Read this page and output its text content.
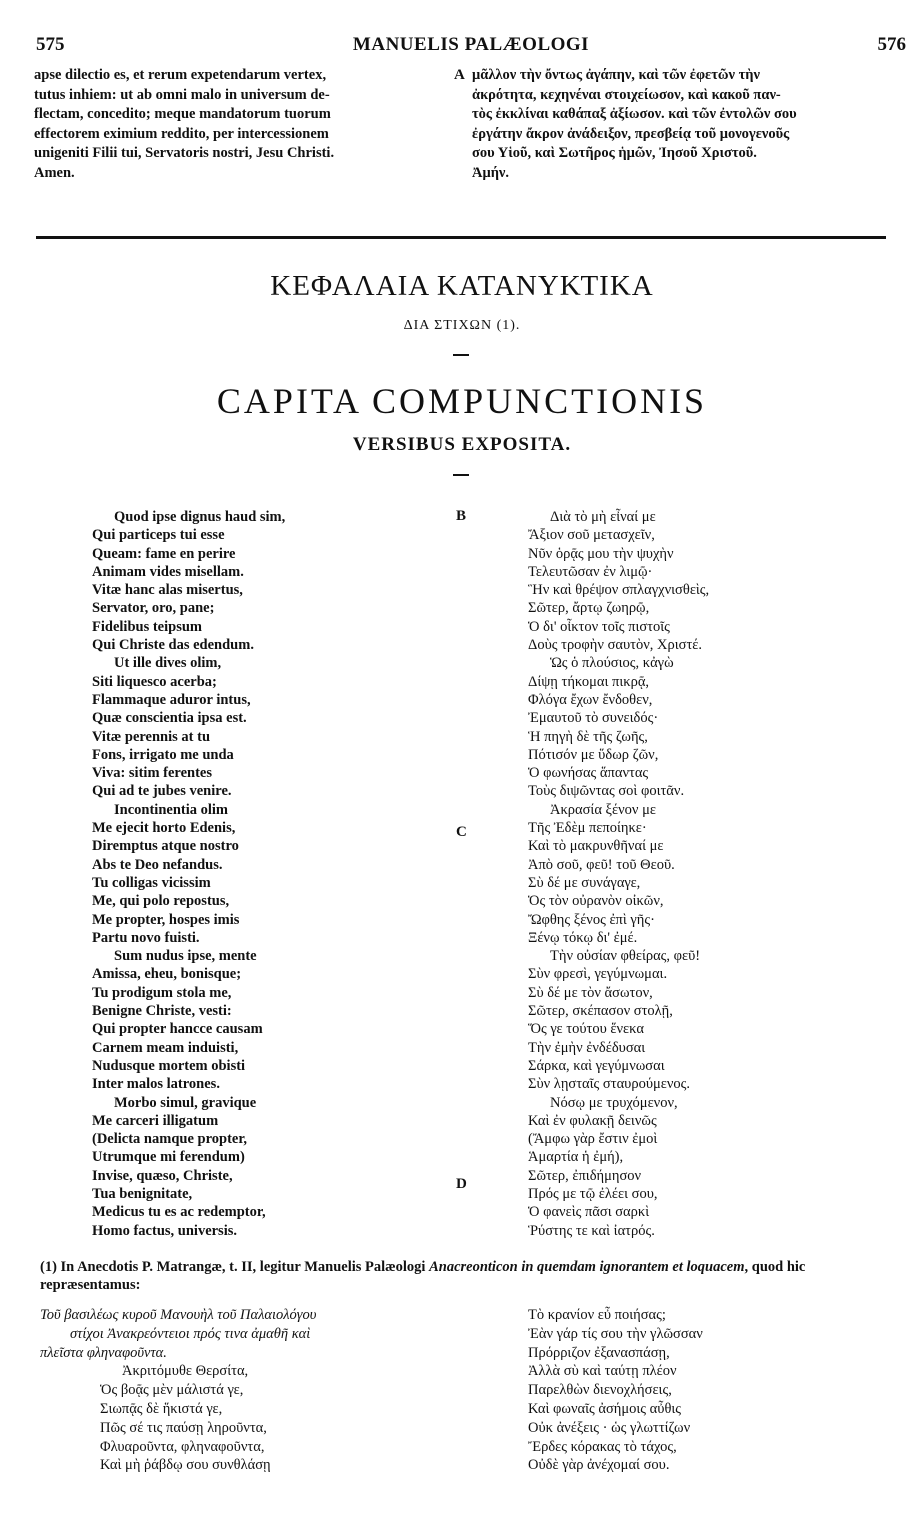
575	MANUELIS PALÆOLOGI	576
apse dilectio es, et rerum expetendarum vertex,
tutus inhiem: ut ab omni malo in universum de-
flectam, concedito; meque mandatorum tuorum
effectorem eximium reddito, per intercessionem
unigeniti Filii tui, Servatoris nostri, Jesu Christi.
Amen.
A μᾶλλον τὴν ὄντως ἀγάπην, καὶ τῶν ἐφετῶν τὴν
ἀκρότητα, κεχηνέναι στοιχείωσον, καὶ κακοῦ παν-
τὸς ἐκκλίναι καθάπαξ ἀξίωσον. καὶ τῶν ἐντολῶν σου
ἐργάτην ἄκρον ἀνάδειξον, πρεσβείᾳ τοῦ μονογενοῦς
σου Υἱοῦ, καὶ Σωτῆρος ἡμῶν, Ἰησοῦ Χριστοῦ.
Ἀμήν.
ΚΕΦΑΛΑΙΑ ΚΑΤΑΝΥΚΤΙΚΑ
ΔΙΑ ΣΤΙΧΩΝ (1).
CAPITA COMPUNCTIONIS
VERSIBUS EXPOSITA.
Quod ipse dignus haud sim,
Qui particeps tui esse
Queam: fame en perire
Animam vides misellam.
Vitæ hanc alas misertus,
Servator, oro, pane;
Fidelibus teipsum
Qui Christe das edendum.
Ut ille dives olim,
Siti liquesco acerba;
Flammaque aduror intus,
Quæ conscientia ipsa est.
Vitæ perennis at tu
Fons, irrigato me unda
Viva: sitim ferentes
Qui ad te jubes venire.
Incontinentia olim
Me ejecit horto Edenis,
Diremptus atque nostro
Abs te Deo nefandus.
Tu colligas vicissim
Me, qui polo repostus,
Me propter, hospes imis
Partu novo fuisti.
Sum nudus ipse, mente
Amissa, eheu, bonisque;
Tu prodigum stola me,
Benigne Christe, vesti:
Qui propter hancce causam
Carnem meam induisti,
Nudusque mortem obisti
Inter malos latrones.
Morbo simul, gravique
Me carceri illigatum
(Delicta namque propter,
Utrumque mi ferendum)
Invise, quæso, Christe,
Tua benignitate,
Medicus tu es ac redemptor,
Homo factus, universis.
B
C
D
Διὰ τὸ μὴ εἶναί με
Ἄξιον σοῦ μετασχεῖν,
Νῦν ὁρᾷς μου τὴν ψυχὴν
Τελευτῶσαν ἐν λιμῷ·
Ἣν καὶ θρέψον σπλαγχνισθεὶς,
Σῶτερ, ἄρτῳ ζωηρῷ,
Ὁ δι' οἶκτον τοῖς πιστοῖς
Δοὺς τροφὴν σαυτὸν, Χριστέ.
Ὡς ὁ πλούσιος, κἀγὼ
Δίψῃ τήκομαι πικρᾷ,
Φλόγα ἔχων ἔνδοθεν,
Ἐμαυτοῦ τὸ συνειδός·
Ἡ πηγὴ δὲ τῆς ζωῆς,
Πότισόν με ὕδωρ ζῶν,
Ὁ φωνήσας ἅπαντας
Τοὺς διψῶντας σοὶ φοιτᾶν.
Ἀκρασία ξένον με
Τῆς Ἐδὲμ πεποίηκε·
Καὶ τὸ μακρυνθῆναί με
Ἀπὸ σοῦ, φεῦ! τοῦ Θεοῦ.
Σὺ δέ με συνάγαγε,
Ὁς τὸν οὐρανὸν οἰκῶν,
Ὤφθης ξένος ἐπὶ γῆς·
Ξένῳ τόκῳ δι' ἐμέ.
Τὴν οὐσίαν φθείρας, φεῦ!
Σὺν φρεσὶ, γεγύμνωμαι.
Σὺ δέ με τὸν ἄσωτον,
Σῶτερ, σκέπασον στολῇ,
Ὅς γε τούτου ἕνεκα
Τὴν ἐμὴν ἐνδέδυσαι
Σάρκα, καὶ γεγύμνωσαι
Σὺν λῃσταῖς σταυρούμενος.
Νόσῳ με τρυχόμενον,
Καὶ ἐν φυλακῇ δεινῶς
(Ἄμφω γὰρ ἔστιν ἐμοὶ
Ἁμαρτία ἡ ἐμή),
Σῶτερ, ἐπιδήμησον
Πρός με τῷ ἐλέει σου,
Ὁ φανεὶς πᾶσι σαρκὶ
Ῥύστης τε καὶ ἰατρός.
(1) In Anecdotis P. Matrangæ, t. II, legitur Manuelis Palæologi Anacreonticon in quemdam ignorantem et loquacem, quod hic repræsentamus:
Τοῦ βασιλέως κυροῦ Μανουὴλ τοῦ Παλαιολόγου
στίχοι Ἀνακρεόντειοι πρός τινα ἀμαθῆ καὶ
πλεῖστα φληναφοῦντα.
Ἀκριτόμυθε Θερσίτα,
Ὁς βοᾷς μὲν μάλιστά γε,
Σιωπᾷς δὲ ἥκιστά γε,
Πῶς σέ τις παύσῃ ληροῦντα,
Φλυαροῦντα, φληναφοῦντα,
Καὶ μὴ ῥάβδῳ σου συνθλάσῃ
Τὸ κρανίον εὖ ποιήσας;
Ἐὰν γάρ τίς σου τὴν γλῶσσαν
Πρόρριζον ἐξανασπάσῃ,
Ἀλλὰ σὺ καὶ ταύτῃ πλέον
Παρελθὼν διενοχλήσεις,
Καὶ φωναῖς ἀσήμοις αὖθις
Οὐκ ἀνέξεις · ὡς γλωττίζων
Ἔρδες κόρακας τὸ τάχος,
Οὐδὲ γὰρ ἀνέχομαί σου.
